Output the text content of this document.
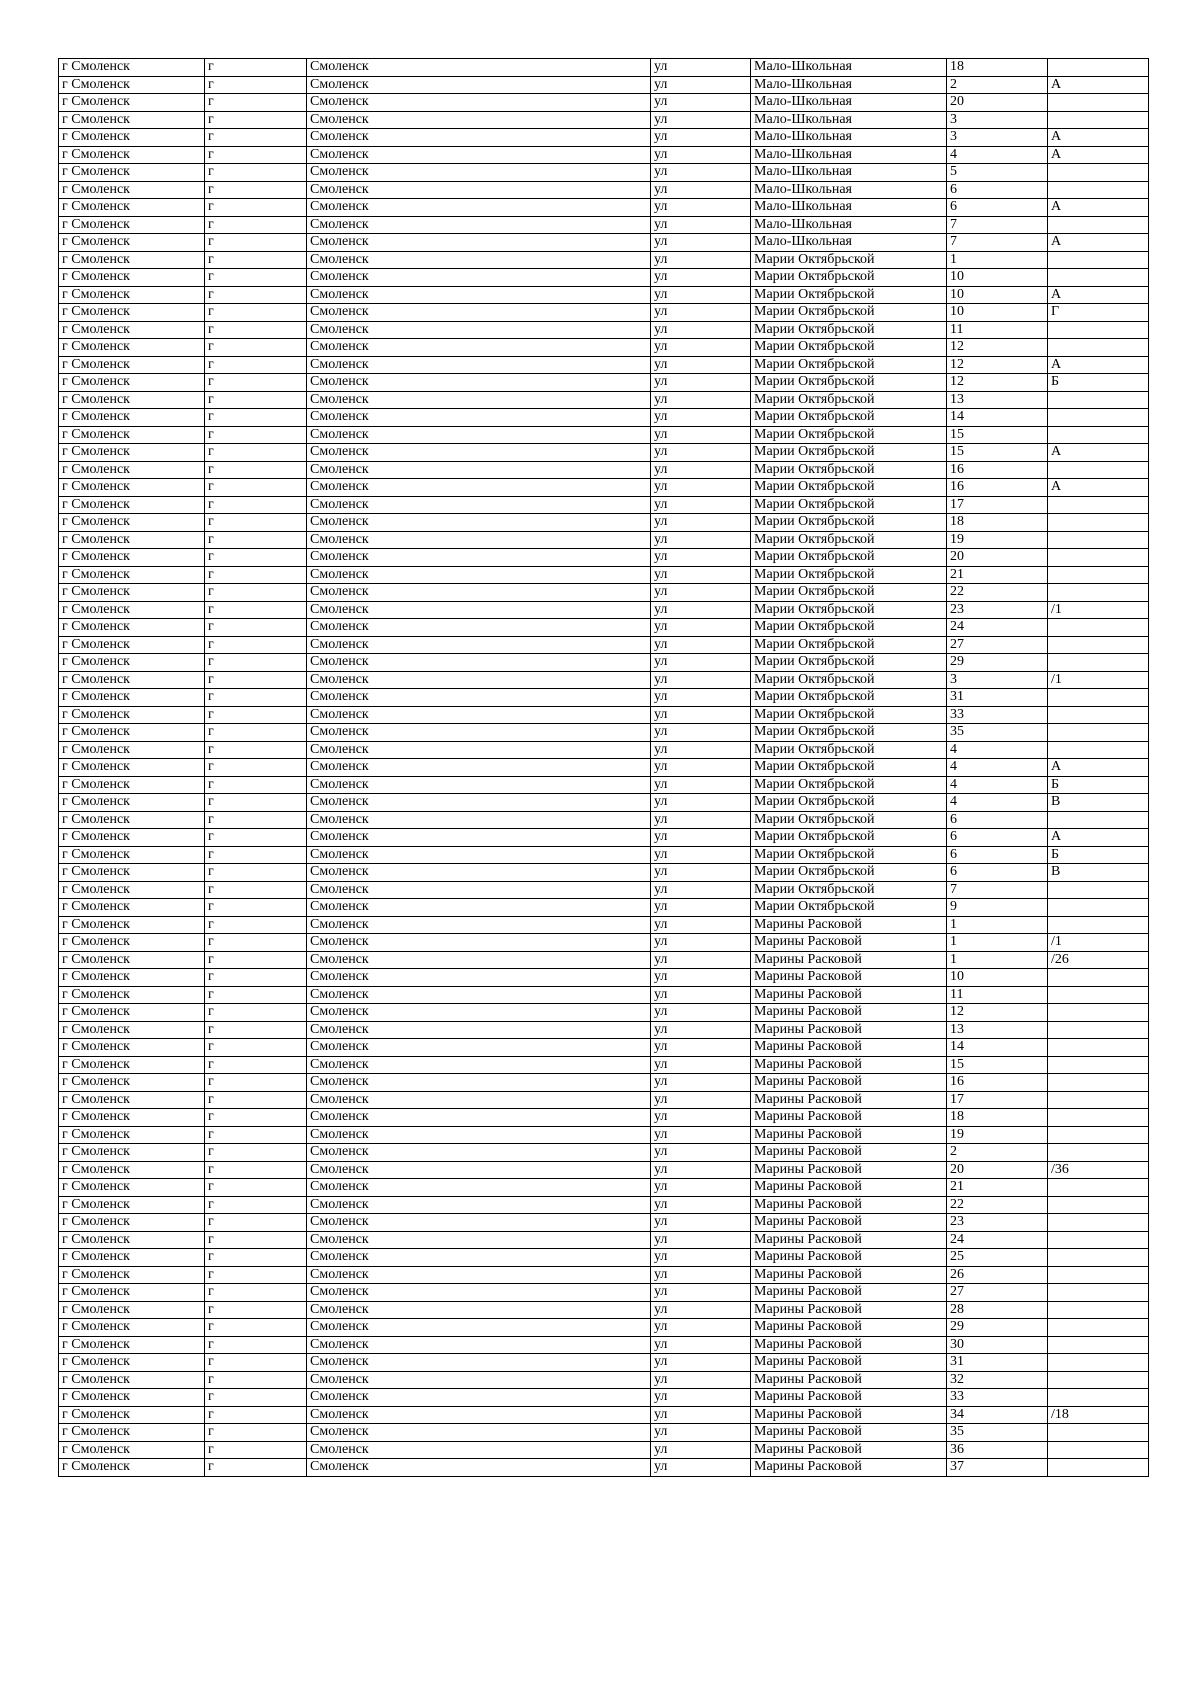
г Смоленск	г	Смоленск	ул	Мало-Школьная	18	
г Смоленск	г	Смоленск	ул	Мало-Школьная	2	А
г Смоленск	г	Смоленск	ул	Мало-Школьная	20	
г Смоленск	г	Смоленск	ул	Мало-Школьная	3	
г Смоленск	г	Смоленск	ул	Мало-Школьная	3	А
г Смоленск	г	Смоленск	ул	Мало-Школьная	4	А
г Смоленск	г	Смоленск	ул	Мало-Школьная	5	
г Смоленск	г	Смоленск	ул	Мало-Школьная	6	
г Смоленск	г	Смоленск	ул	Мало-Школьная	6	А
г Смоленск	г	Смоленск	ул	Мало-Школьная	7	
г Смоленск	г	Смоленск	ул	Мало-Школьная	7	А
г Смоленск	г	Смоленск	ул	Марии Октябрьской	1	
г Смоленск	г	Смоленск	ул	Марии Октябрьской	10	
г Смоленск	г	Смоленск	ул	Марии Октябрьской	10	А
г Смоленск	г	Смоленск	ул	Марии Октябрьской	10	Г
г Смоленск	г	Смоленск	ул	Марии Октябрьской	11	
г Смоленск	г	Смоленск	ул	Марии Октябрьской	12	
г Смоленск	г	Смоленск	ул	Марии Октябрьской	12	А
г Смоленск	г	Смоленск	ул	Марии Октябрьской	12	Б
г Смоленск	г	Смоленск	ул	Марии Октябрьской	13	
г Смоленск	г	Смоленск	ул	Марии Октябрьской	14	
г Смоленск	г	Смоленск	ул	Марии Октябрьской	15	
г Смоленск	г	Смоленск	ул	Марии Октябрьской	15	А
г Смоленск	г	Смоленск	ул	Марии Октябрьской	16	
г Смоленск	г	Смоленск	ул	Марии Октябрьской	16	А
г Смоленск	г	Смоленск	ул	Марии Октябрьской	17	
г Смоленск	г	Смоленск	ул	Марии Октябрьской	18	
г Смоленск	г	Смоленск	ул	Марии Октябрьской	19	
г Смоленск	г	Смоленск	ул	Марии Октябрьской	20	
г Смоленск	г	Смоленск	ул	Марии Октябрьской	21	
г Смоленск	г	Смоленск	ул	Марии Октябрьской	22	
г Смоленск	г	Смоленск	ул	Марии Октябрьской	23	/1
г Смоленск	г	Смоленск	ул	Марии Октябрьской	24	
г Смоленск	г	Смоленск	ул	Марии Октябрьской	27	
г Смоленск	г	Смоленск	ул	Марии Октябрьской	29	
г Смоленск	г	Смоленск	ул	Марии Октябрьской	3	/1
г Смоленск	г	Смоленск	ул	Марии Октябрьской	31	
г Смоленск	г	Смоленск	ул	Марии Октябрьской	33	
г Смоленск	г	Смоленск	ул	Марии Октябрьской	35	
г Смоленск	г	Смоленск	ул	Марии Октябрьской	4	
г Смоленск	г	Смоленск	ул	Марии Октябрьской	4	А
г Смоленск	г	Смоленск	ул	Марии Октябрьской	4	Б
г Смоленск	г	Смоленск	ул	Марии Октябрьской	4	В
г Смоленск	г	Смоленск	ул	Марии Октябрьской	6	
г Смоленск	г	Смоленск	ул	Марии Октябрьской	6	А
г Смоленск	г	Смоленск	ул	Марии Октябрьской	6	Б
г Смоленск	г	Смоленск	ул	Марии Октябрьской	6	В
г Смоленск	г	Смоленск	ул	Марии Октябрьской	7	
г Смоленск	г	Смоленск	ул	Марии Октябрьской	9	
г Смоленск	г	Смоленск	ул	Марины Расковой	1	
г Смоленск	г	Смоленск	ул	Марины Расковой	1	/1
г Смоленск	г	Смоленск	ул	Марины Расковой	1	/26
г Смоленск	г	Смоленск	ул	Марины Расковой	10	
г Смоленск	г	Смоленск	ул	Марины Расковой	11	
г Смоленск	г	Смоленск	ул	Марины Расковой	12	
г Смоленск	г	Смоленск	ул	Марины Расковой	13	
г Смоленск	г	Смоленск	ул	Марины Расковой	14	
г Смоленск	г	Смоленск	ул	Марины Расковой	15	
г Смоленск	г	Смоленск	ул	Марины Расковой	16	
г Смоленск	г	Смоленск	ул	Марины Расковой	17	
г Смоленск	г	Смоленск	ул	Марины Расковой	18	
г Смоленск	г	Смоленск	ул	Марины Расковой	19	
г Смоленск	г	Смоленск	ул	Марины Расковой	2	
г Смоленск	г	Смоленск	ул	Марины Расковой	20	/36
г Смоленск	г	Смоленск	ул	Марины Расковой	21	
г Смоленск	г	Смоленск	ул	Марины Расковой	22	
г Смоленск	г	Смоленск	ул	Марины Расковой	23	
г Смоленск	г	Смоленск	ул	Марины Расковой	24	
г Смоленск	г	Смоленск	ул	Марины Расковой	25	
г Смоленск	г	Смоленск	ул	Марины Расковой	26	
г Смоленск	г	Смоленск	ул	Марины Расковой	27	
г Смоленск	г	Смоленск	ул	Марины Расковой	28	
г Смоленск	г	Смоленск	ул	Марины Расковой	29	
г Смоленск	г	Смоленск	ул	Марины Расковой	30	
г Смоленск	г	Смоленск	ул	Марины Расковой	31	
г Смоленск	г	Смоленск	ул	Марины Расковой	32	
г Смоленск	г	Смоленск	ул	Марины Расковой	33	
г Смоленск	г	Смоленск	ул	Марины Расковой	34	/18
г Смоленск	г	Смоленск	ул	Марины Расковой	35	
г Смоленск	г	Смоленск	ул	Марины Расковой	36	
г Смоленск	г	Смоленск	ул	Марины Расковой	37	
